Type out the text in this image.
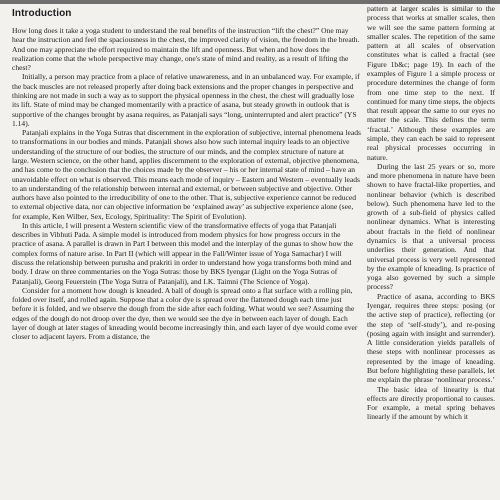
Introduction

How long does it take a yoga student to understand the real benefits of the instruction “lift the chest?” One may hear the instruction and feel the spaciousness in the chest, the improved clarity of vision, the freedom in the breath. And one may appreciate the effort required to maintain the lift and openness. But when and how does the realization come that the whole perspective may change, one's state of mind and reality, as a result of lifting the chest?

Initially, a person may practice from a place of relative unawareness, and in an unbalanced way. For example, if the back muscles are not released properly after doing back extensions and the proper changes in perspective and thinking are not made in such a way as to support the physical openness in the chest, the chest will gradually lose its lift. State of mind may be changed momentarily with a practice of asana, but steady growth in outlook that is supportive of the changes brought by asana requires, as Patanjali says “long, uninterrupted and alert practice” (YS 1.14).

Patanjali explains in the Yoga Sutras that discernment in the exploration of subjective, internal phenomena leads to transformations in our bodies and minds. Patanjali shows also how such internal inquiry leads to an objective understanding of the structure of our bodies, the structure of our minds, and the complex structure of nature at large. Western science, on the other hand, applies discernment to the exploration of external, objective phenomena, and has come to the conclusion that the choices made by the observer – his or her internal state of mind – have an unavoidable effect on what is observed. This means each mode of inquiry – Eastern and Western – eventually leads to an understanding of the relationship between internal and external, or between subjective and objective. Other authors have also pointed to the irreducibility of one to the other. That is, subjective experience cannot be reduced to external objective data, nor can objective information be ‘explained away’ as subjective experience alone (see, for example, Ken Wilber, Sex, Ecology, Spirituality: The Spirit of Evolution).

In this article, I will present a Western scientific view of the transformative effects of yoga that Patanjali describes in Vibhuti Pada. A simple model is introduced from modern physics for how progress occurs in the practice of asana. A parallel is drawn in Part I between this model and the interplay of the gunas to show how the complex forms of nature arise. In Part II (which will appear in the Fall/Winter issue of Yoga Samachar) I will discuss the relationship between purusha and prakriti in order to understand how yoga transforms both mind and body. I draw on three commentaries on the Yoga Sutras: those by BKS Iyengar (Light on the Yoga Sutras of Patanjali), Georg Feuerstein (The Yoga Sutra of Patanjali), and I.K. Taimni (The Science of Yoga).

Consider for a moment how dough is kneaded. A ball of dough is spread onto a flat surface with a rolling pin, folded over itself, and rolled again. Suppose that a color dye is spread over the flattened dough each time just before it is folded, and we observe the dough from the side after each folding. What would we see? Assuming the edges of the dough do not droop over the dye, then we would see the dye in between each layer of dough. Each layer of dough at later stages of kneading would become increasingly thin, and each layer of dye would come ever closer to adjacent layers. From a distance, the

pattern at larger scales is similar to the process that works at smaller scales, then we will see the same pattern forming at smaller scales. The repetition of the same pattern at all scales of observation constitutes what is called a fractal (see Figure 1b&c; page 19). In each of the examples of Figure 1 a simple process or procedure determines the change of form from one time step to the next. If continued for many time steps, the objects that result appear the same to our eyes no matter the scale. This defines the term ‘fractal.’ Although these examples are simple, they can each be said to represent real physical processes occurring in nature.

During the last 25 years or so, more and more phenomena in nature have been shown to have fractal-like properties, and nonlinear behavior (which is described below). Such phenomena have led to the growth of a sub-field of physics called nonlinear dynamics. What is interesting about fractals in the field of nonlinear dynamics is that a universal process underlies their generation. And that universal process is very well represented by the example of kneading. Is practice of yoga also governed by such a simple process?

Practice of asana, according to BKS Iyengar, requires three steps: posing (or the active step of practice), reflecting (or the step of ‘self-study’), and re-posing (posing again with insight and surrender). A little consideration yields parallels of these steps with nonlinear processes as represented by the image of kneading. But before highlighting these parallels, let me explain the phrase ‘nonlinear process.’

The basic idea of linearity is that effects are directly proportional to causes. For example, a metal spring behaves linearly if the amount by which it
